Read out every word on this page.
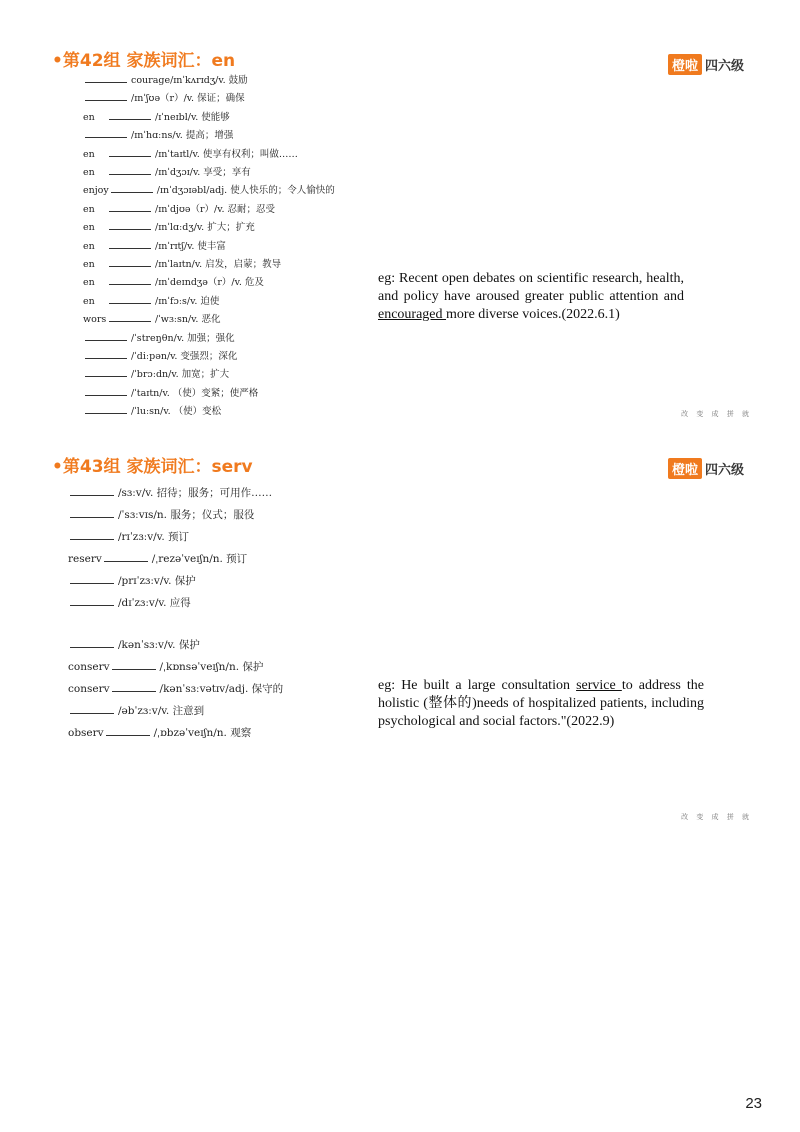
•第42组 家族词汇：en	橙啦 四六级
courage/ɪnˈkʌrɪdʒ/v. 鼓励
/ɪnˈʃʊə（r）/v. 保证；确保
en	/ɪˈneɪbl/v. 使能够
/ɪnˈhɑːns/v. 提高；增强
en	/ɪnˈtaɪtl/v. 使享有权利；叫做……
en	/ɪnˈdʒɔɪ/v. 享受；享有
enjoy	/ɪnˈdʒɔɪəbl/adj. 使人快乐的；令人愉快的
en	/ɪnˈdjʊə（r）/v. 忍耐；忍受
en	/ɪnˈlɑːdʒ/v. 扩大；扩充
en	/ɪnˈrɪtʃ/v. 使丰富
en	/ɪnˈlaɪtn/v. 启发，启蒙；教导
en	/ɪnˈdeɪndʒə（r）/v. 危及
en	/ɪnˈfɔːs/v. 迫使
wors	/ˈwɜːsn/v. 恶化
/ˈstreŋθn/v. 加强；强化
/ˈdiːpən/v. 变强烈；深化
/ˈbrɔːdn/v. 加宽；扩大
/ˈtaɪtn/v. （使）变紧；使严格
/ˈluːsn/v. （使）变松
eg: Recent open debates on scientific research, health, and policy have aroused greater public attention and encouraged more diverse voices.(2022.6.1)
改 变 成 拼 就
•第43组 家族词汇：serv	橙啦 四六级
/sɜːv/v. 招待；服务；可用作……
/ˈsɜːvɪs/n. 服务；仪式；服役
/rɪˈzɜːv/v. 预订
reserv	/ˌrezəˈveɪʃn/n. 预订
/prɪˈzɜːv/v. 保护
/dɪˈzɜːv/v. 应得
/kənˈsɜːv/v. 保护
conserv	/ˌkɒnsəˈveɪʃn/n. 保护
conserv	/kənˈsɜːvətɪv/adj. 保守的
/əbˈzɜːv/v. 注意到
observ	/ˌɒbzəˈveɪʃn/n. 观察
eg: He built a large consultation service to address the holistic (整体的)needs of hospitalized patients, including psychological and social factors."(2022.9)
改 变 成 拼 就
23
